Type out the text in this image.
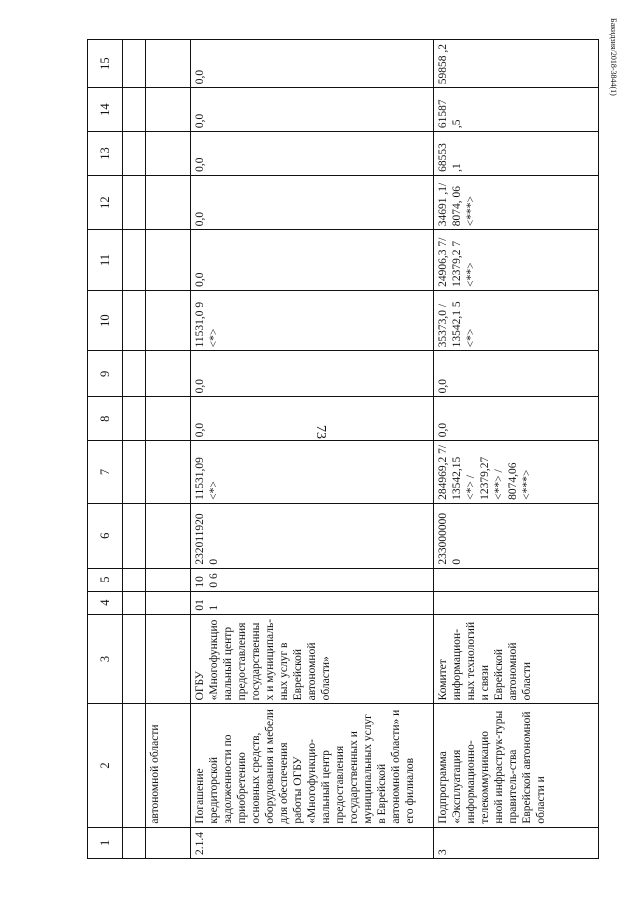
73
Бакидзия/2018-3844(1)
1	2	3	4	5	6	7	8	9	10	11	12	13	14	15

	автономной области													
2.1.4	Погашение кредиторской задолженности по приобретению основных средств, оборудования и мебели для обеспечения работы ОГБУ «Многофункцио-нальный центр предоставления государственных и муниципальных услуг в Еврейской автономной области» и его филиалов	ОГБУ «Многофункцио нальный центр предоставления государственных и муниципаль-ных услуг в Еврейской автономной области»	011	100 6	232011920 0	11531,09 <*>	0,0	0,0	11531,0 9 <*>	0,0	0,0	0,0	0,0	0,0
3	Подпрограмма «Эксплуатация информационно-телекоммуникацио нной инфраструк-туры правитель-ства Еврейской автономной области и	Комитет информацион-ных технологий и связи Еврейской автономной области			233000000 0	284969,2 7/ 13542,15 <*> / 12379,27 <**> / 8074,06 <***>	0,0	0,0	35373,0 / 13542,1 5 <*>	24906,3 7/ 12379,2 7 <**>	34691 ,1/ 8074, 06 <***>	68553 ,1	61587 ,5	59858 ,2
